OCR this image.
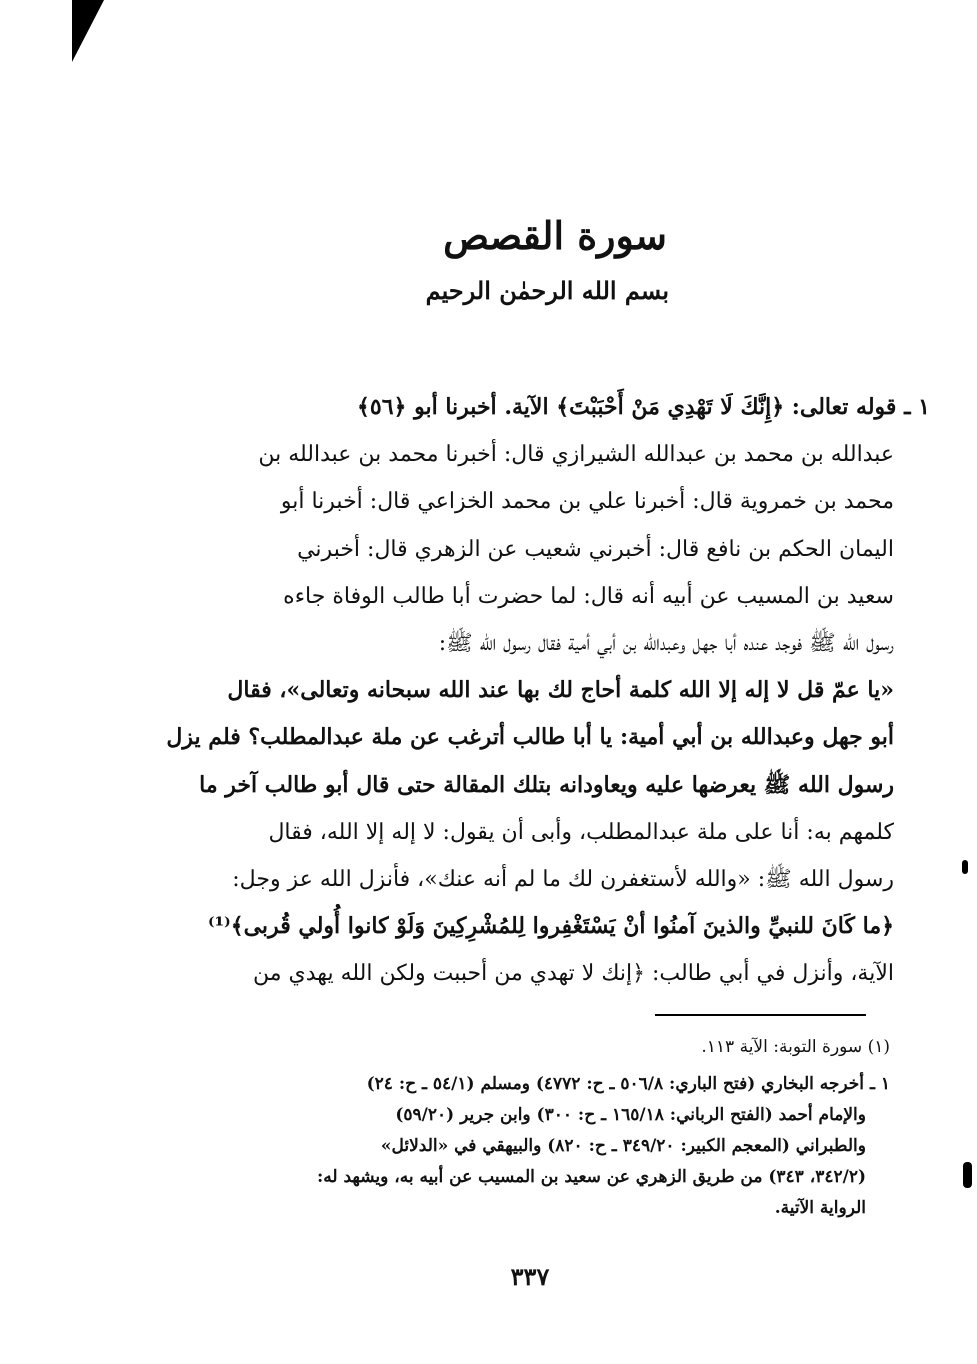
سورة القصص
بسم الله الرحمٰن الرحيم
١ ـ قوله تعالى: ﴿إِنَّكَ لَا تَهْدِي مَنْ أَحْبَبْتَ﴾ الآية. أخبرنا أبو ﴿٥٦﴾
عبدالله بن محمد بن عبدالله الشيرازي قال: أخبرنا محمد بن عبدالله بن
محمد بن خمروية قال: أخبرنا علي بن محمد الخزاعي قال: أخبرنا أبو
اليمان الحكم بن نافع قال: أخبرني شعيب عن الزهري قال: أخبرني
سعيد بن المسيب عن أبيه أنه قال: لما حضرت أبا طالب الوفاة جاءه
رسول الله ﷺ فوجد عنده أبا جهل وعبدالله بن أبي أمية فقال رسول الله ﷺ:
«يا عمّ قل لا إله إلا الله كلمة أحاج لك بها عند الله سبحانه وتعالى»، فقال
أبو جهل وعبدالله بن أبي أمية: يا أبا طالب أترغب عن ملة عبدالمطلب؟ فلم يزل
رسول الله ﷺ يعرضها عليه ويعاودانه بتلك المقالة حتى قال أبو طالب آخر ما
كلمهم به: أنا على ملة عبدالمطلب، وأبى أن يقول: لا إله إلا الله، فقال
رسول الله ﷺ: «والله لأستغفرن لك ما لم أنه عنك»، فأنزل الله عز وجل:
﴿ما كَانَ للنبيِّ والذينَ آمنُوا أنْ يَسْتَغْفِروا لِلمُشْرِكِينَ وَلَوْ كانوا أُولي قُربى﴾⁽¹⁾
الآية، وأنزل في أبي طالب: ﴿إنك لا تهدي من أحببت ولكن الله يهدي من
(١) سورة التوبة: الآية ١١٣.
١ ـ أخرجه البخاري (فتح الباري: ٥٠٦/٨ ـ ح: ٤٧٧٢) ومسلم (٥٤/١ ـ ح: ٢٤)
والإمام أحمد (الفتح الرباني: ١٦٥/١٨ ـ ح: ٣٠٠) وابن جرير (٥٩/٢٠)
والطبراني (المعجم الكبير: ٣٤٩/٢٠ ـ ح: ٨٢٠) والبيهقي في «الدلائل»
(٣٤٢/٢، ٣٤٣) من طريق الزهري عن سعيد بن المسيب عن أبيه به، ويشهد له:
الرواية الآتية.
٣٣٧
